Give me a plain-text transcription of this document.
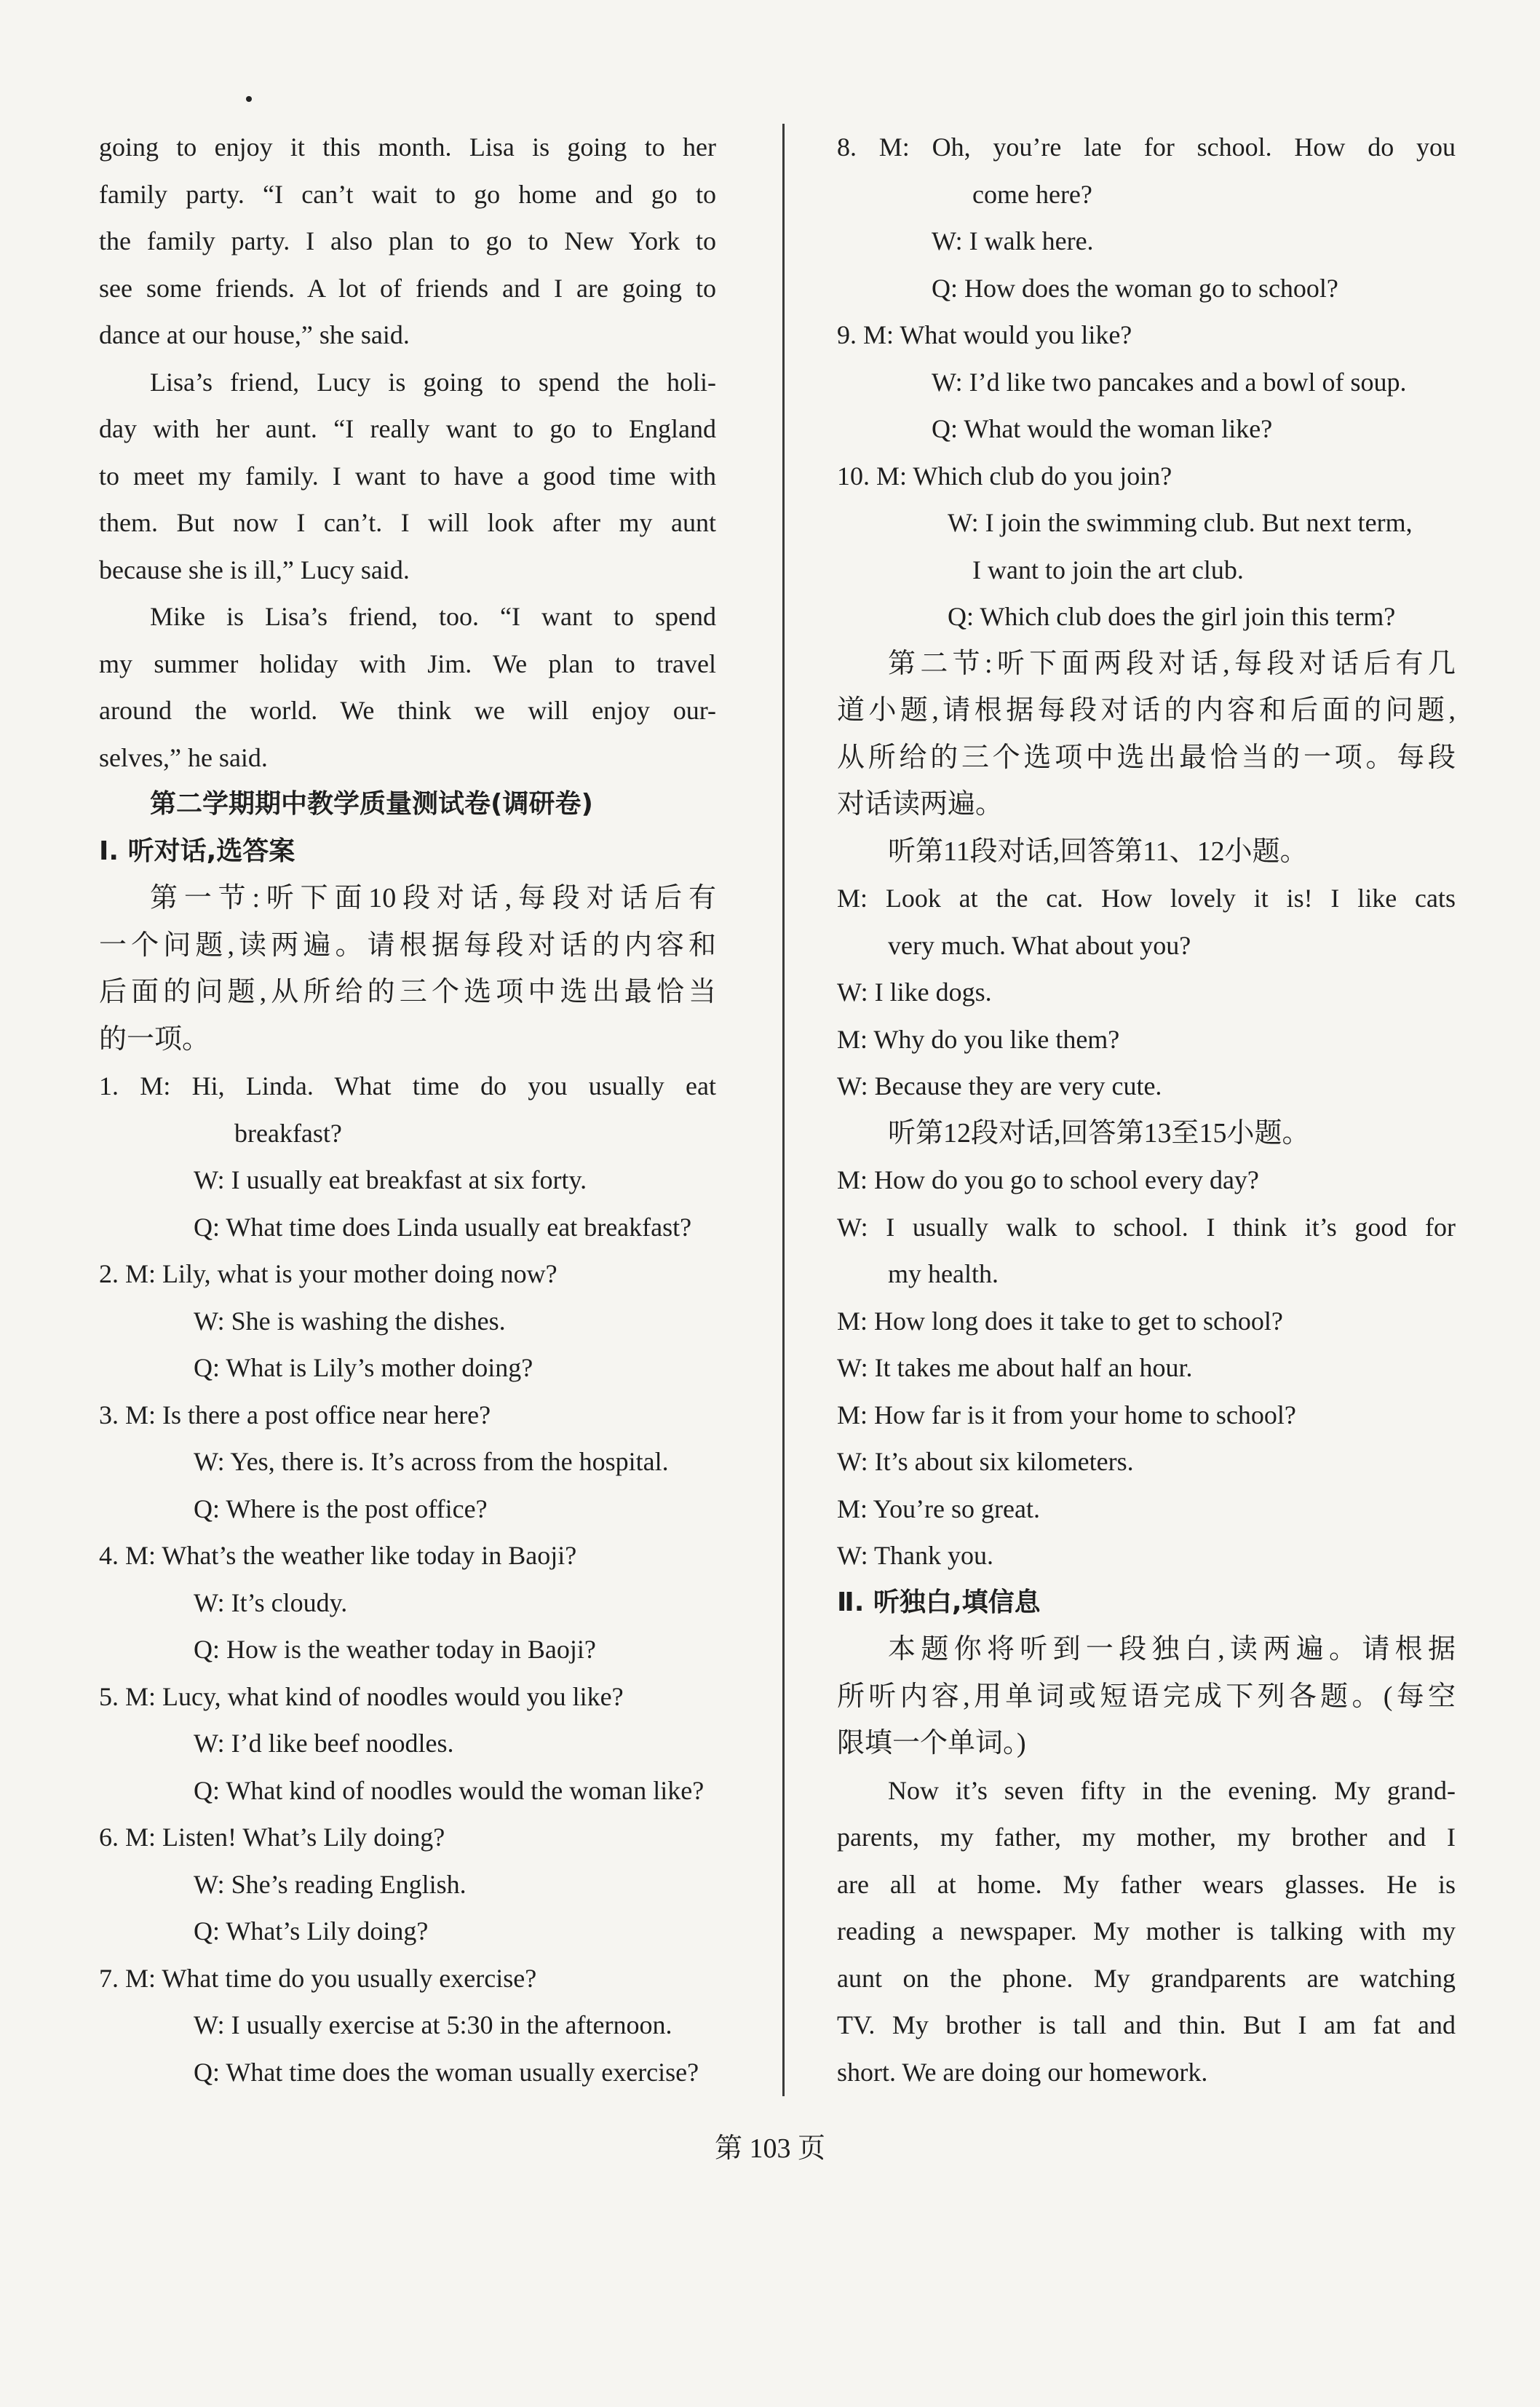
going to enjoy it this month. Lisa is going to her
family party. “I can’t wait to go home and go to
the family party. I also plan to go to New York to
see some friends. A lot of friends and I are going to
dance at our house,” she said.
Lisa’s friend, Lucy is going to spend the holi-
day with her aunt. “I really want to go to England
to meet my family. I want to have a good time with
them. But now I can’t. I will look after my aunt
because she is ill,” Lucy said.
Mike is Lisa’s friend, too. “I want to spend
my summer holiday with Jim. We plan to travel
around the world. We think we will enjoy our-
selves,” he said.
第二学期期中教学质量测试卷(调研卷)
Ⅰ. 听对话,选答案
第一节:听下面10段对话,每段对话后有
一个问题,读两遍。请根据每段对话的内容和
后面的问题,从所给的三个选项中选出最恰当
的一项。
1. M: Hi, Linda. What time do you usually eat
breakfast?
W: I usually eat breakfast at six forty.
Q: What time does Linda usually eat breakfast?
2. M: Lily, what is your mother doing now?
W: She is washing the dishes.
Q: What is Lily’s mother doing?
3. M: Is there a post office near here?
W: Yes, there is. It’s across from the hospital.
Q: Where is the post office?
4. M: What’s the weather like today in Baoji?
W: It’s cloudy.
Q: How is the weather today in Baoji?
5. M: Lucy, what kind of noodles would you like?
W: I’d like beef noodles.
Q: What kind of noodles would the woman like?
6. M: Listen! What’s Lily doing?
W: She’s reading English.
Q: What’s Lily doing?
7. M: What time do you usually exercise?
W: I usually exercise at 5:30 in the afternoon.
Q: What time does the woman usually exercise?
8. M: Oh, you’re late for school. How do you
come here?
W: I walk here.
Q: How does the woman go to school?
9. M: What would you like?
W: I’d like two pancakes and a bowl of soup.
Q: What would the woman like?
10. M: Which club do you join?
W: I join the swimming club. But next term,
I want to join the art club.
Q: Which club does the girl join this term?
第二节:听下面两段对话,每段对话后有几
道小题,请根据每段对话的内容和后面的问题,
从所给的三个选项中选出最恰当的一项。每段
对话读两遍。
听第11段对话,回答第11、12小题。
M: Look at the cat. How lovely it is! I like cats
very much. What about you?
W: I like dogs.
M: Why do you like them?
W: Because they are very cute.
听第12段对话,回答第13至15小题。
M: How do you go to school every day?
W: I usually walk to school. I think it’s good for
my health.
M: How long does it take to get to school?
W: It takes me about half an hour.
M: How far is it from your home to school?
W: It’s about six kilometers.
M: You’re so great.
W: Thank you.
Ⅱ. 听独白,填信息
本题你将听到一段独白,读两遍。请根据
所听内容,用单词或短语完成下列各题。(每空
限填一个单词。)
Now it’s seven fifty in the evening. My grand-
parents, my father, my mother, my brother and I
are all at home. My father wears glasses. He is
reading a newspaper. My mother is talking with my
aunt on the phone. My grandparents are watching
TV. My brother is tall and thin. But I am fat and
short. We are doing our homework.
第 103 页
